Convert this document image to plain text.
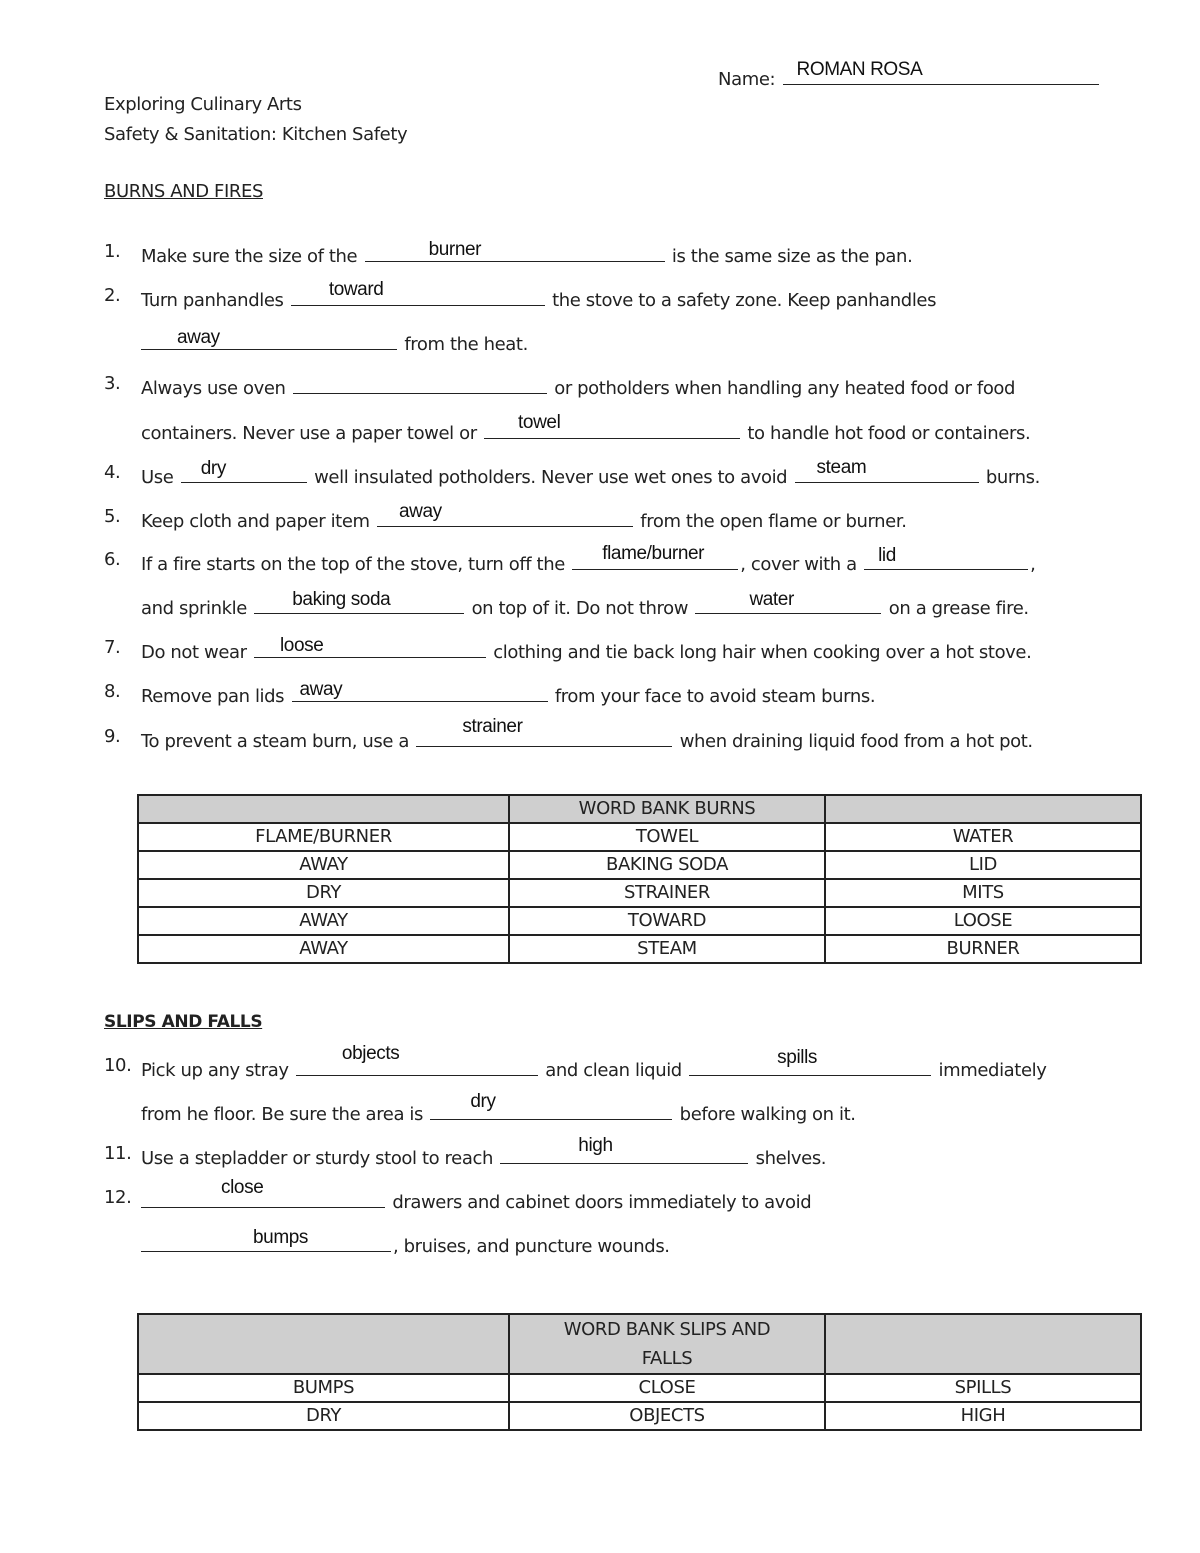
Name: ROMAN ROSA
Exploring Culinary Arts
Safety & Sanitation: Kitchen Safety
BURNS AND FIRES
1. Make sure the size of the	burner	is the same size as the pan.
2. Turn panhandles
toward
the stove to a safety zone. Keep panhandles
away	from the heat.
3. Always use oven	or potholders when handling any heated food or food
containers. Never use a paper towel or
towel
to handle hot food or containers.
4. Use dry	well insulated potholders. Never use wet ones to avoid steam	burns.
5. Keep cloth and paper item away	from the open flame or burner.
6. If a fire starts on the top of the stove, turn off the
flame/burner
, cover with a lid	,
and sprinkle baking soda	on top of it. Do not throw	water	on a grease fire.
7. Do not wear loose	clothing and tie back long hair when cooking over a hot stove.
8. Remove pan lids away	from your face to avoid steam burns.
9. To prevent a steam burn, use a
strainer
when draining liquid food from a hot pot.
	WORD BANK BURNS	
FLAME/BURNER	TOWEL	WATER
AWAY	BAKING SODA	LID
DRY	STRAINER	MITS
AWAY	TOWARD	LOOSE
AWAY	STEAM	BURNER
SLIPS AND FALLS
10. Pick up any stray
objects
and clean liquid
spills
immediately
from he floor. Be sure the area is
dry
before walking on it.
11. Use a stepladder or sturdy stool to reach
high
shelves.
12.	close
drawers and cabinet doors immediately to avoid
bumps	, bruises, and puncture wounds.

	WORD BANK SLIPS AND
FALLS	

BUMPS	CLOSE	SPILLS
DRY	OBJECTS	HIGH
